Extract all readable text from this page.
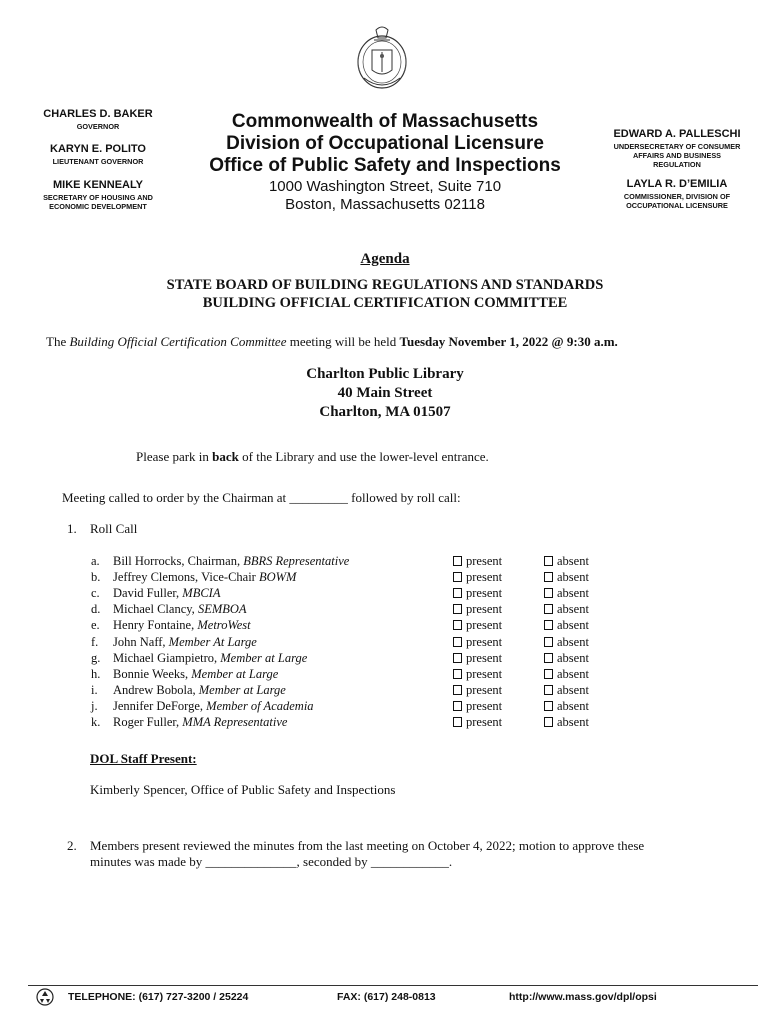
CHARLES D. BAKER
GOVERNOR
KARYN E. POLITO
LIEUTENANT GOVERNOR
MIKE KENNEALY
SECRETARY OF HOUSING AND
ECONOMIC DEVELOPMENT
Commonwealth of Massachusetts
Division of Occupational Licensure
Office of Public Safety and Inspections
1000 Washington Street, Suite 710
Boston, Massachusetts 02118
EDWARD A. PALLESCHI
UNDERSECRETARY OF CONSUMER
AFFAIRS AND BUSINESS
REGULATION
LAYLA R. D’EMILIA
COMMISSIONER, DIVISION OF
OCCUPATIONAL LICENSURE
Agenda
STATE BOARD OF BUILDING REGULATIONS AND STANDARDS
BUILDING OFFICIAL CERTIFICATION COMMITTEE
The Building Official Certification Committee meeting will be held Tuesday November 1, 2022 @ 9:30 a.m.
Charlton Public Library
40 Main Street
Charlton, MA 01507
Please park in back of the Library and use the lower-level entrance.
Meeting called to order by the Chairman at _________ followed by roll call:
1. Roll Call
a. Bill Horrocks, Chairman, BBRS Representative	present	absent
b. Jeffrey Clemons, Vice-Chair BOWM	present	absent
c. David Fuller, MBCIA	present	absent
d. Michael Clancy, SEMBOA	present	absent
e. Henry Fontaine, MetroWest	present	absent
f. John Naff, Member At Large	present	absent
g. Michael Giampietro, Member at Large	present	absent
h. Bonnie Weeks, Member at Large	present	absent
i. Andrew Bobola, Member at Large	present	absent
j. Jennifer DeForge, Member of Academia	present	absent
k. Roger Fuller, MMA Representative	present	absent
DOL Staff Present:
Kimberly Spencer, Office of Public Safety and Inspections
2. Members present reviewed the minutes from the last meeting on October 4, 2022; motion to approve these
minutes was made by ______________, seconded by ____________.
TELEPHONE: (617) 727-3200 / 25224	FAX: (617) 248-0813	http://www.mass.gov/dpl/opsi
